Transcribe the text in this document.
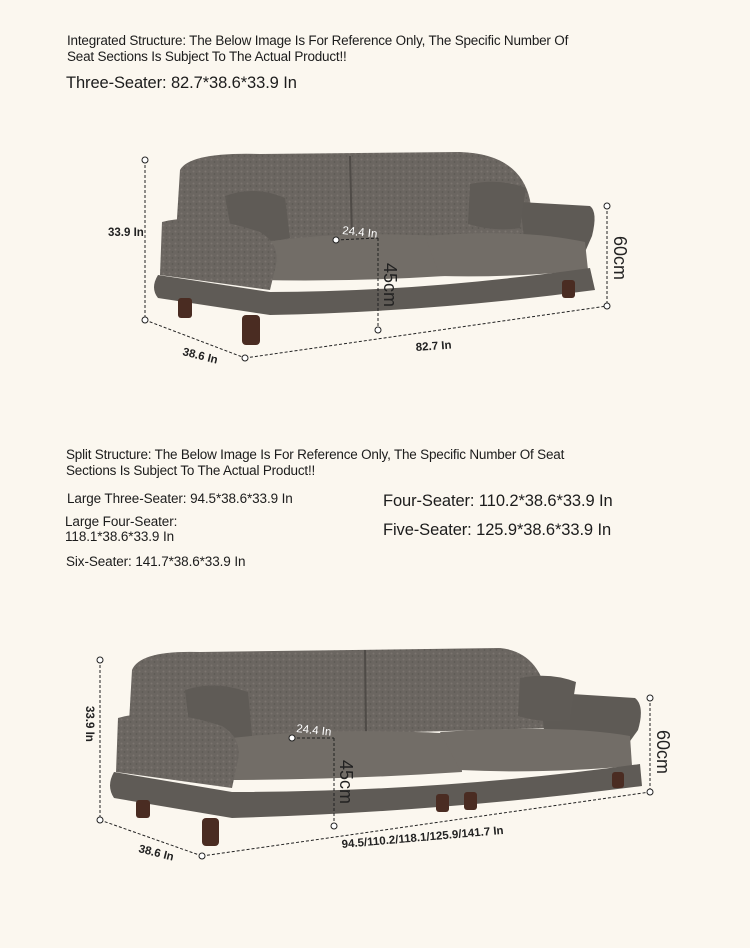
Integrated Structure: The Below Image Is For Reference Only, The Specific Number Of
Seat Sections Is Subject To The Actual Product!!
Three-Seater: 82.7*38.6*33.9 In
33.9 In
38.6 In	82.7 In
24.4 In
45cm
60cm
Split Structure: The Below Image Is For Reference Only, The Specific Number Of Seat
Sections Is Subject To The Actual Product!!
Large Three-Seater: 94.5*38.6*33.9 In
Large Four-Seater:
118.1*38.6*33.9 In
Six-Seater: 141.7*38.6*33.9 In
Four-Seater: 110.2*38.6*33.9 In
Five-Seater: 125.9*38.6*33.9 In
33.9 In
38.6 In
94.5/110.2/118.1/125.9/141.7 In
24.4 In
45cm
60cm
